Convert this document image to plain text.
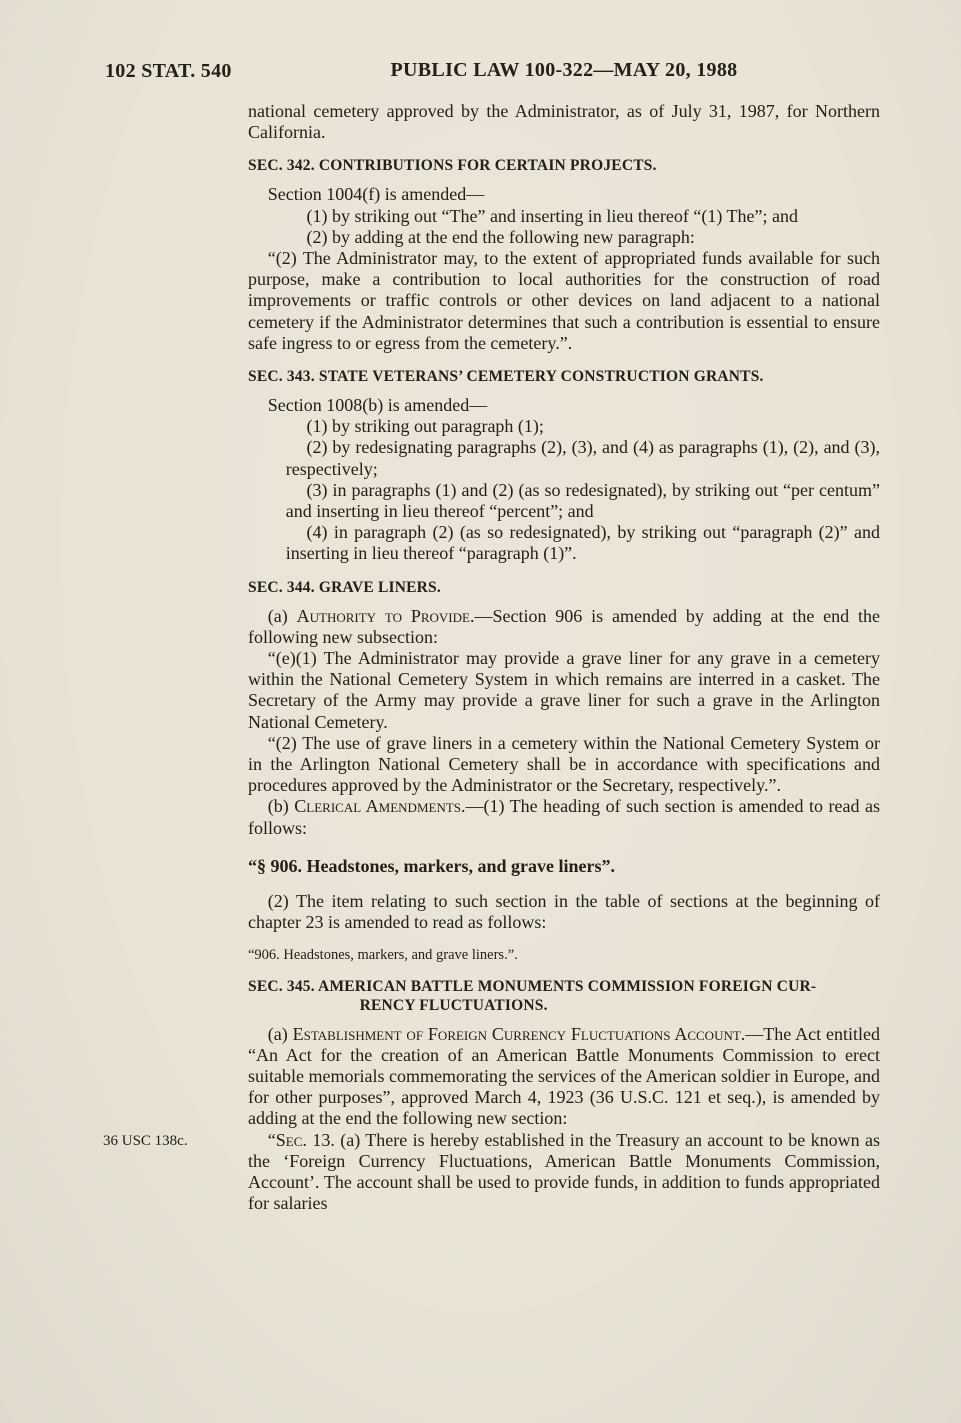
102 STAT. 540	PUBLIC LAW 100-322—MAY 20, 1988
national cemetery approved by the Administrator, as of July 31, 1987, for Northern California.
SEC. 342. CONTRIBUTIONS FOR CERTAIN PROJECTS.
Section 1004(f) is amended—
(1) by striking out “The” and inserting in lieu thereof “(1) The”; and
(2) by adding at the end the following new paragraph:
“(2) The Administrator may, to the extent of appropriated funds available for such purpose, make a contribution to local authorities for the construction of road improvements or traffic controls or other devices on land adjacent to a national cemetery if the Administrator determines that such a contribution is essential to ensure safe ingress to or egress from the cemetery.”.
SEC. 343. STATE VETERANS’ CEMETERY CONSTRUCTION GRANTS.
Section 1008(b) is amended—
(1) by striking out paragraph (1);
(2) by redesignating paragraphs (2), (3), and (4) as paragraphs (1), (2), and (3), respectively;
(3) in paragraphs (1) and (2) (as so redesignated), by striking out “per centum” and inserting in lieu thereof “percent”; and
(4) in paragraph (2) (as so redesignated), by striking out “paragraph (2)” and inserting in lieu thereof “paragraph (1)”.
SEC. 344. GRAVE LINERS.
(a) Authority to Provide.—Section 906 is amended by adding at the end the following new subsection:
“(e)(1) The Administrator may provide a grave liner for any grave in a cemetery within the National Cemetery System in which remains are interred in a casket. The Secretary of the Army may provide a grave liner for such a grave in the Arlington National Cemetery.
“(2) The use of grave liners in a cemetery within the National Cemetery System or in the Arlington National Cemetery shall be in accordance with specifications and procedures approved by the Administrator or the Secretary, respectively.”.
(b) Clerical Amendments.—(1) The heading of such section is amended to read as follows:
“§ 906. Headstones, markers, and grave liners”.
(2) The item relating to such section in the table of sections at the beginning of chapter 23 is amended to read as follows:
“906. Headstones, markers, and grave liners.”.
SEC. 345. AMERICAN BATTLE MONUMENTS COMMISSION FOREIGN CUR-
RENCY FLUCTUATIONS.
(a) Establishment of Foreign Currency Fluctuations Account.—The Act entitled “An Act for the creation of an American Battle Monuments Commission to erect suitable memorials commemorating the services of the American soldier in Europe, and for other purposes”, approved March 4, 1923 (36 U.S.C. 121 et seq.), is amended by adding at the end the following new section:
36 USC 138c.	“Sec. 13. (a) There is hereby established in the Treasury an account to be known as the ‘Foreign Currency Fluctuations, American Battle Monuments Commission, Account’. The account shall be used to provide funds, in addition to funds appropriated for salaries
